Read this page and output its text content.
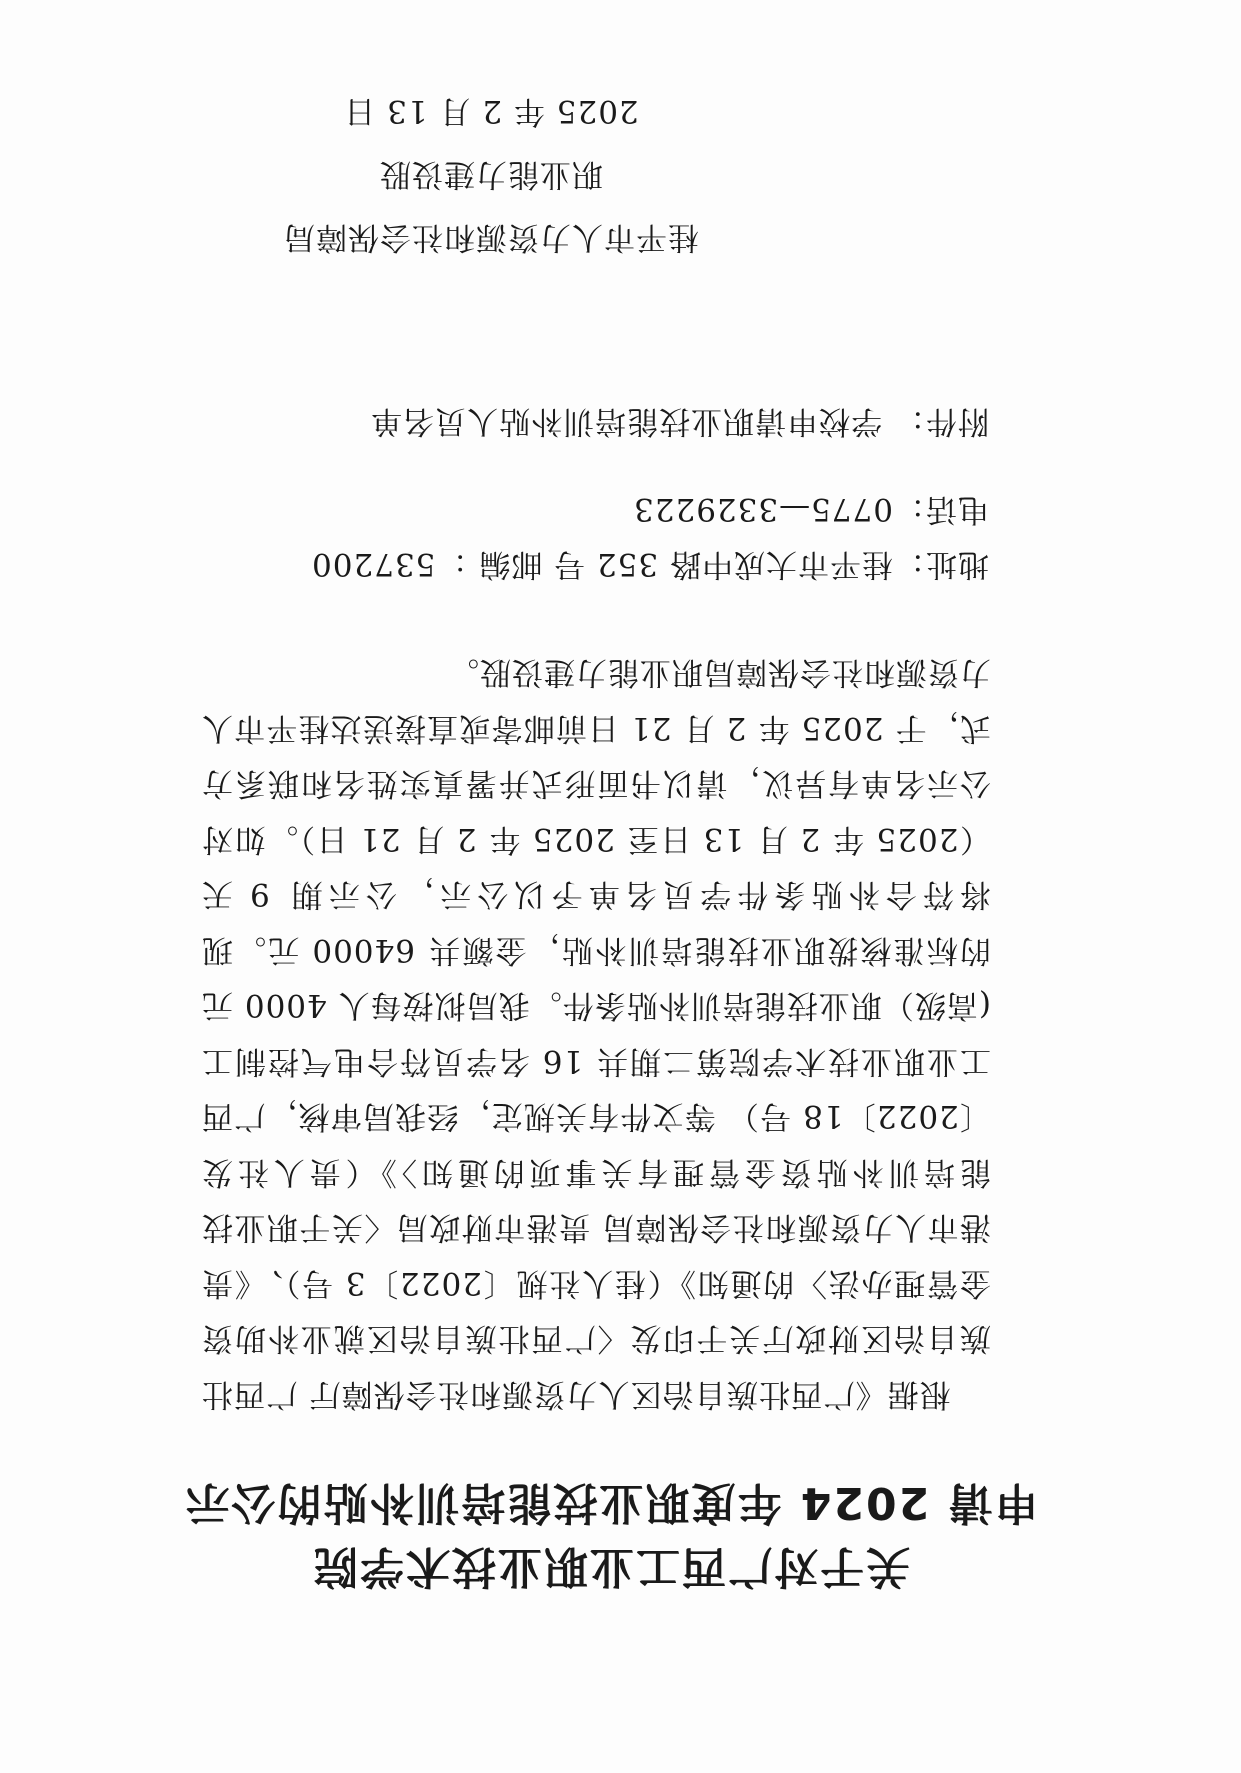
关于对广西工业职业技术学院
申请 2024 年度职业技能培训补贴的公示

根据《广西壮族自治区人力资源和社会保障厅 广西壮族自治区财政厅关于印发〈广西壮族自治区就业补助资金管理办法〉的通知》（桂人社规〔2022〕3 号）、《贵港市人力资源和社会保障局 贵港市财政局〈关于职业技能培训补贴资金管理有关事项的通知〉》（贵人社发〔2022〕18 号） 等文件有关规定，经我局审核，广西工业职业技术学院第二期共 16 名学员符合电气控制工(高级）职业技能培训补贴条件。我局拟按每人 4000 元的标准核拨职业技能培训补贴，金额共 64000 元。现将符合补贴条件学员名单予以公示，公示期 9 天（2025 年 2 月 13 日至 2025 年 2 月 21 日）。如对公示名单有异议，请以书面形式并署真实姓名和联系方式，于 2025 年 2 月 21 日前邮寄或直接送达桂平市人力资源和社会保障局职业能力建设股。

地址：桂平市大成中路 352 号 邮编 ：537200
电话：0775—3329223
附件： 学校申请职业技能培训补贴人员名单
桂平市人力资源和社会保障局
职业能力建设股
2025 年 2 月 13 日
